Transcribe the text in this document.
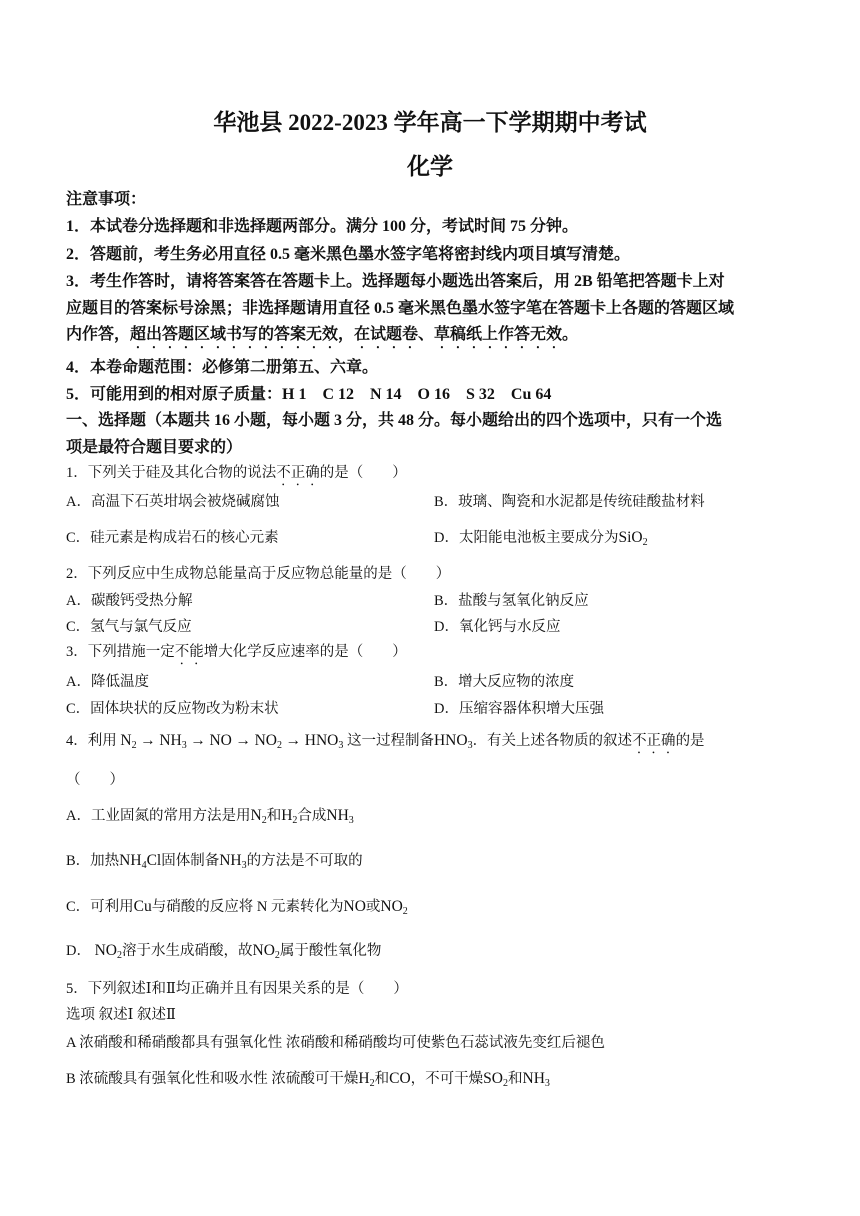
华池县 2022-2023 学年高一下学期期中考试
化学
注意事项：
1．本试卷分选择题和非选择题两部分。满分 100 分，考试时间 75 分钟。
2．答题前，考生务必用直径 0.5 毫米黑色墨水签字笔将密封线内项目填写清楚。
3．考生作答时，请将答案答在答题卡上。选择题每小题选出答案后，用 2B 铅笔把答题卡上对
应题目的答案标号涂黑；非选择题请用直径 0.5 毫米黑色墨水签字笔在答题卡上各题的答题区域
内作答，超出答题区域书写的答案无效，在试题卷、草稿纸上作答无效。
4．本卷命题范围：必修第二册第五、六章。
5．可能用到的相对原子质量：H 1　C 12　N 14　O 16　S 32　Cu 64
一、选择题（本题共 16 小题，每小题 3 分，共 48 分。每小题给出的四个选项中，只有一个选
项是最符合题目要求的）
1．下列关于硅及其化合物的说法不正确的是（　　）
A．高温下石英坩埚会被烧碱腐蚀	B．玻璃、陶瓷和水泥都是传统硅酸盐材料
C．硅元素是构成岩石的核心元素	D．太阳能电池板主要成分为SiO$_2$
2．下列反应中生成物总能量高于反应物总能量的是（　　）
A．碳酸钙受热分解	B．盐酸与氢氧化钠反应
C．氢气与氯气反应	D．氧化钙与水反应
3．下列措施一定不能增大化学反应速率的是（　　）
A．降低温度	B．增大反应物的浓度
C．固体块状的反应物改为粉末状	D．压缩容器体积增大压强
4．利用 $N_2 \to NH_3$ → NO → $NO_2 \to HNO_3$ 这一过程制备$HNO_3$．有关上述各物质的叙述不正确的是
（　　）
A．工业固氮的常用方法是用$N_2$和$H_2$合成$NH_3$
B．加热$NH_4Cl$固体制备$NH_3$的方法是不可取的
C．可利用Cu与硝酸的反应将 N 元素转化为NO或$NO_2$
D． $NO_2$溶于水生成硝酸，故$NO_2$属于酸性氧化物
5．下列叙述Ⅰ和Ⅱ均正确并且有因果关系的是（　　）
选项 叙述Ⅰ 叙述Ⅱ
A 浓硝酸和稀硝酸都具有强氧化性 浓硝酸和稀硝酸均可使紫色石蕊试液先变红后褪色
B 浓硫酸具有强氧化性和吸水性 浓硫酸可干燥$H_2$和CO，不可干燥$SO_2$和$NH_3$
